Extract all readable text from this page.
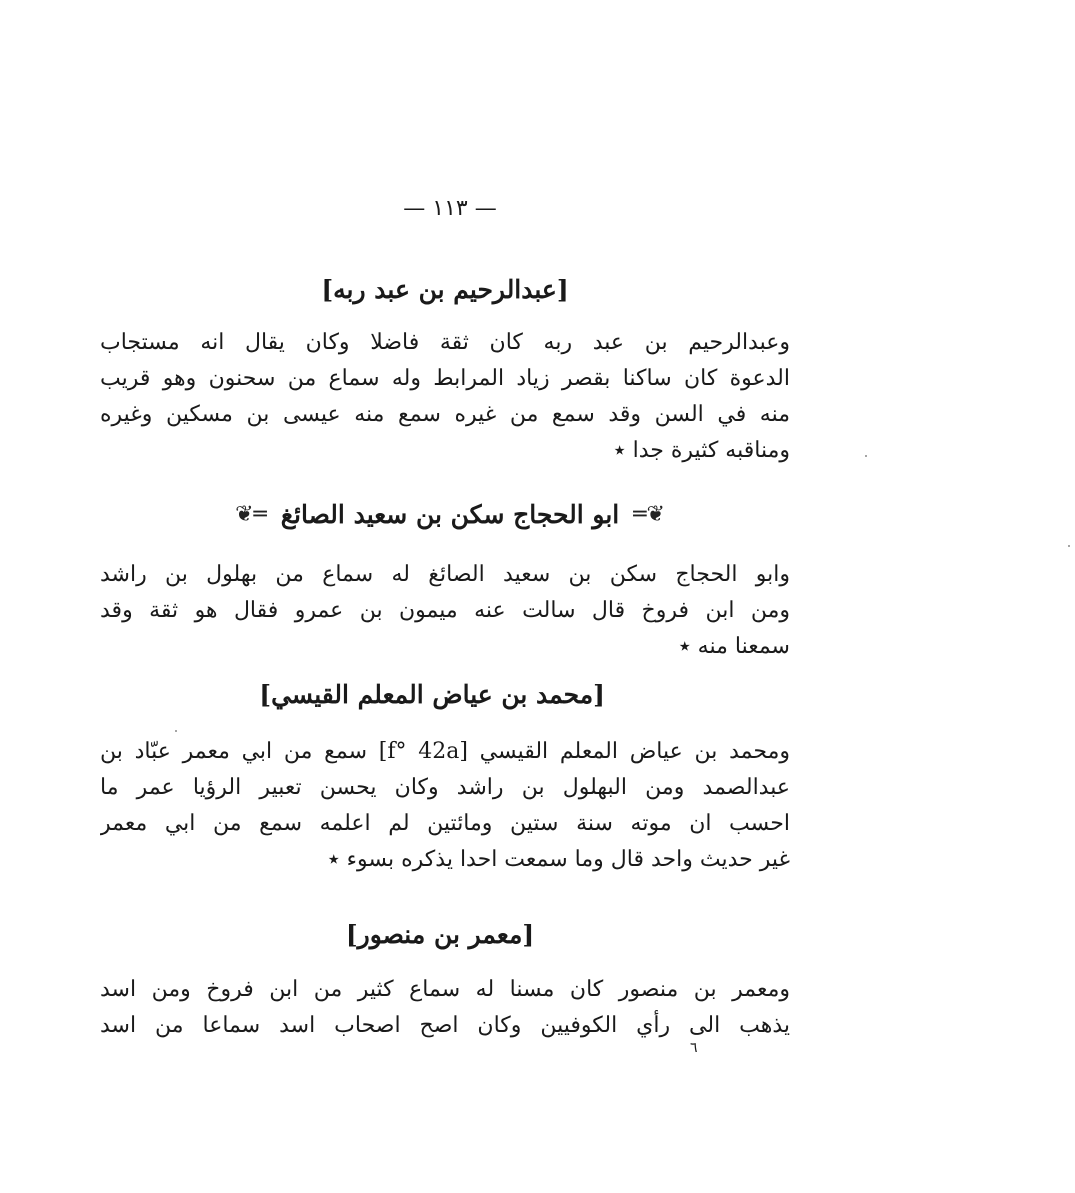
— ١١٣ —
[عبدالرحيم بن عبد ربه]
وعبدالرحيم بن عبد ربه كان ثقة فاضلا وكان يقال انه مستجاب
الدعوة كان ساكنا بقصر زياد المرابط وله سماع من سحنون وهو قريب
منه في السن وقد سمع من غيره سمع منه عيسى بن مسكين وغيره
ومناقبه كثيرة جدا ٭
❦═
ابو الحجاج سكن بن سعيد الصائغ
═❦
وابو الحجاج سكن بن سعيد الصائغ له سماع من بهلول بن راشد
ومن ابن فروخ قال سالت عنه ميمون بن عمرو فقال هو ثقة وقد
سمعنا منه ٭
[محمد بن عياض المعلم القيسي]
ومحمد بن عياض المعلم القيسي [f° 42a] سمع من ابي معمر عبّاد بن
عبدالصمد ومن البهلول بن راشد وكان يحسن تعبير الرؤيا عمر ما
احسب ان موته سنة ستين ومائتين لم اعلمه سمع من ابي معمر
غير حديث واحد قال وما سمعت احدا يذكره بسوء ٭
[معمر بن منصور]
ومعمر بن منصور كان مسنا له سماع كثير من ابن فروخ ومن اسد
يذهب الى رأي الكوفيين وكان اصح اصحاب اسد سماعا من اسد
٦
